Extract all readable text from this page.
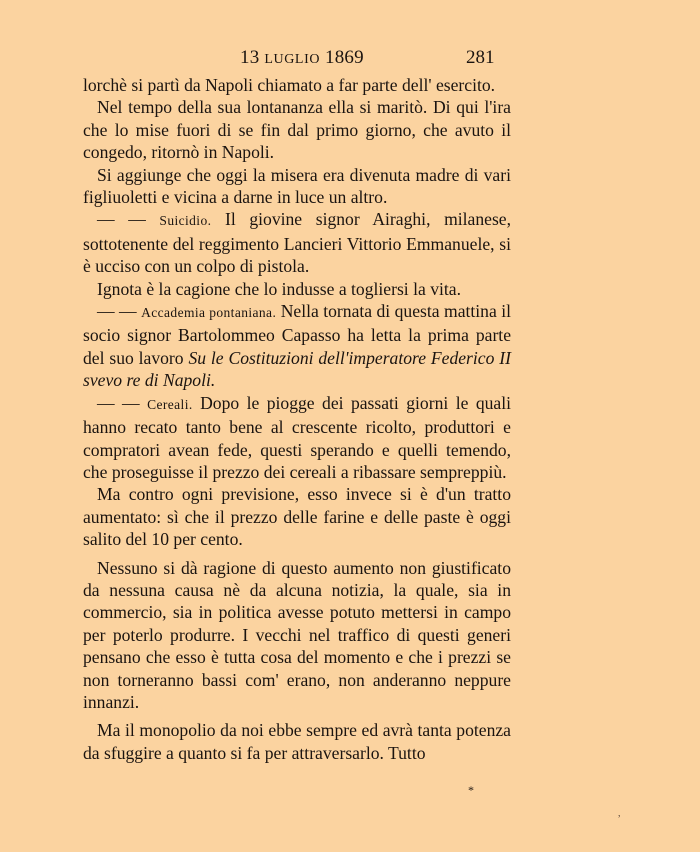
13 LUGLIO 1869	281

lorchè si partì da Napoli chiamato a far parte dell' esercito.

Nel tempo della sua lontananza ella si maritò. Di qui l'ira che lo mise fuori di se fin dal primo giorno, che avuto il congedo, ritornò in Napoli.

Si aggiunge che oggi la misera era divenuta madre di vari figliuoletti e vicina a darne in luce un altro.

— — Suicidio. Il giovine signor Airaghi, milanese, sottotenente del reggimento Lancieri Vittorio Emmanuele, si è ucciso con un colpo di pistola.

Ignota è la cagione che lo indusse a togliersi la vita.

— — Accademia pontaniana. Nella tornata di questa mattina il socio signor Bartolommeo Capasso ha letta la prima parte del suo lavoro Su le Costituzioni dell'imperatore Federico II svevo re di Napoli.

— — Cereali. Dopo le piogge dei passati giorni le quali hanno recato tanto bene al crescente ricolto, produttori e compratori avean fede, questi sperando e quelli temendo, che proseguisse il prezzo dei cereali a ribassare sempreppiù.

Ma contro ogni previsione, esso invece si è d'un tratto aumentato: sì che il prezzo delle farine e delle paste è oggi salito del 10 per cento.

Nessuno si dà ragione di questo aumento non giustificato da nessuna causa nè da alcuna notizia, la quale, sia in commercio, sia in politica avesse potuto mettersi in campo per poterlo produrre. I vecchi nel traffico di questi generi pensano che esso è tutta cosa del momento e che i prezzi se non torneranno bassi com' erano, non anderanno neppure innanzi.

Ma il monopolio da noi ebbe sempre ed avrà tanta potenza da sfuggire a quanto si fa per attraversarlo. Tutto

*
,
